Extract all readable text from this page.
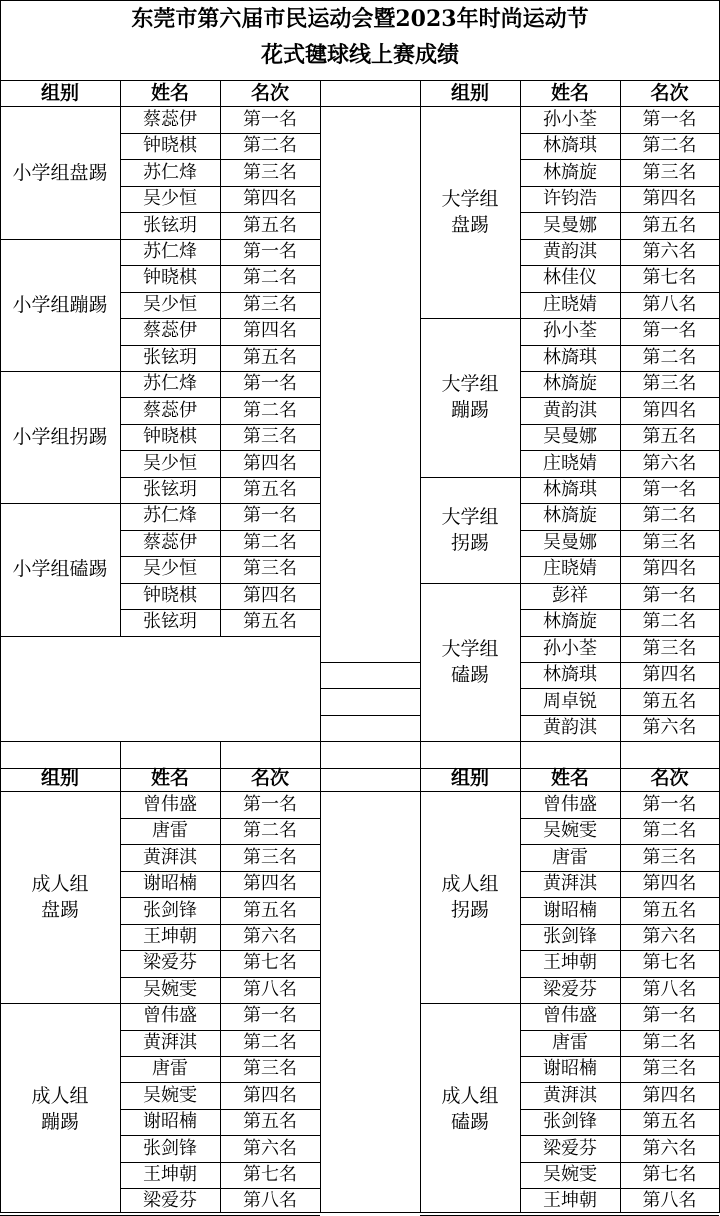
东莞市第六届市民运动会暨2023年时尚运动节
花式毽球线上赛成绩
组别	姓名	名次	组别	姓名	名次
小学组盘踢
蔡蕊伊	第一名
钟晓棋	第二名
苏仁烽	第三名
吴少恒	第四名
张铉玥	第五名
小学组蹦踢
苏仁烽	第一名
钟晓棋	第二名
吴少恒	第三名
蔡蕊伊	第四名
张铉玥	第五名
小学组拐踢
苏仁烽	第一名
蔡蕊伊	第二名
钟晓棋	第三名
吴少恒	第四名
张铉玥	第五名
小学组磕踢
苏仁烽	第一名
蔡蕊伊	第二名
吴少恒	第三名
钟晓棋	第四名
张铉玥	第五名
大学组
盘踢
孙小荃	第一名
林旖琪	第二名
林旖旋	第三名
许钧浩	第四名
吴曼娜	第五名
黄韵淇	第六名
林佳仪	第七名
庄晓婧	第八名
大学组
蹦踢
孙小荃	第一名
林旖琪	第二名
林旖旋	第三名
黄韵淇	第四名
吴曼娜	第五名
庄晓婧	第六名
大学组
拐踢
林旖琪	第一名
林旖旋	第二名
吴曼娜	第三名
庄晓婧	第四名
大学组
磕踢
彭祥	第一名
林旖旋	第二名
孙小荃	第三名
林旖琪	第四名
周卓锐	第五名
黄韵淇	第六名
组别	姓名	名次	组别	姓名	名次
成人组
盘踢
曾伟盛	第一名
唐雷	第二名
黄湃淇	第三名
谢昭楠	第四名
张剑锋	第五名
王坤朝	第六名
梁爱芬	第七名
吴婉雯	第八名
成人组
蹦踢
曾伟盛	第一名
黄湃淇	第二名
唐雷	第三名
吴婉雯	第四名
谢昭楠	第五名
张剑锋	第六名
王坤朝	第七名
梁爱芬	第八名
成人组
拐踢
曾伟盛	第一名
吴婉雯	第二名
唐雷	第三名
黄湃淇	第四名
谢昭楠	第五名
张剑锋	第六名
王坤朝	第七名
梁爱芬	第八名
成人组
磕踢
曾伟盛	第一名
唐雷	第二名
谢昭楠	第三名
黄湃淇	第四名
张剑锋	第五名
梁爱芬	第六名
吴婉雯	第七名
王坤朝	第八名
